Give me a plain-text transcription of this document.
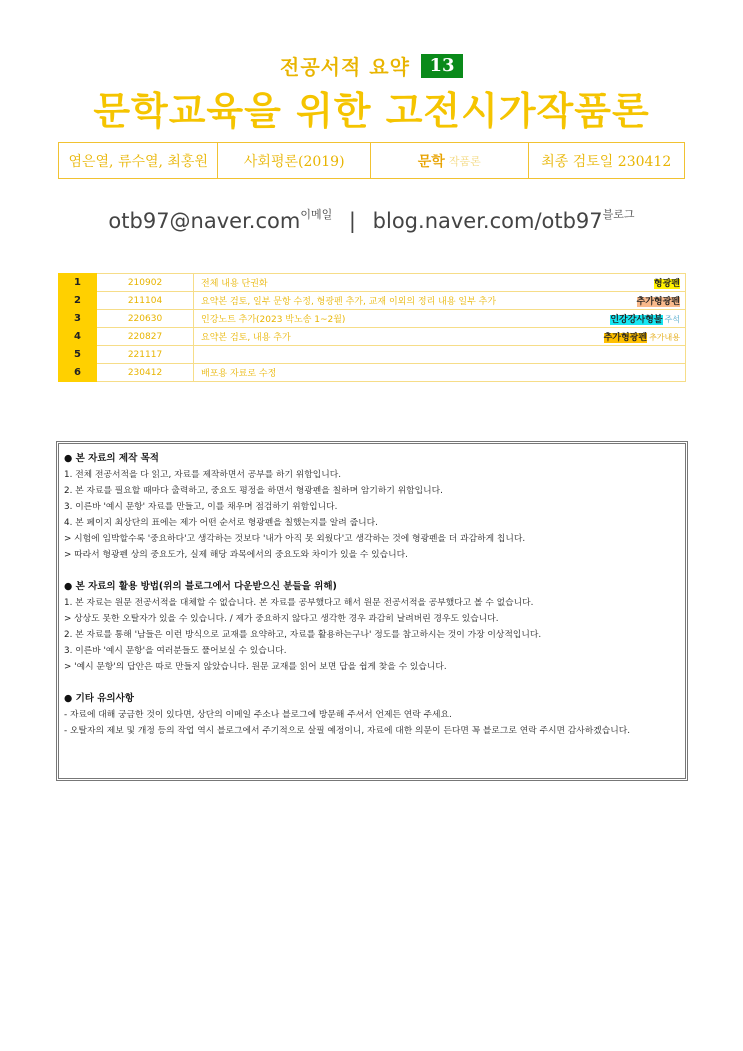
전공서적 요약 13
문학교육을 위한 고전시가작품론
염은열, 류수열, 최홍원	사회평론(2019)	문학 작품론	최종 검토일 230412
otb97@naver.com$^{이메일}$ | $blog.naver.com/otb97^{블로그}$
1	210902	전체 내용 단권화 형광펜

2	211104	요약본 검토, 일부 문항 수정, 형광펜 추가, 교재 이외의 정리 내용 일부 추가 추가형광펜

3	220630	인강노트 추가(2023 박노송 1~2월) 인강강사형불 주석

4	220827	요약본 검토, 내용 추가 추가형광펜 추가내용

5	221117	
6	230412	배포용 자료로 수정
● 본 자료의 제작 목적
1. 전체 전공서적을 다 읽고, 자료를 제작하면서 공부를 하기 위함입니다.
2. 본 자료를 필요할 때마다 출력하고, 중요도 평정을 하면서 형광펜을 칠하며 암기하기 위함입니다.
3. 이른바 '예시 문항' 자료를 만들고, 이를 채우며 점검하기 위함입니다.
4. 본 페이지 최상단의 표에는 제가 어떤 순서로 형광펜을 칠했는지를 알려 줍니다.
> 시험에 임박할수록 '중요하다'고 생각하는 것보다 '내가 아직 못 외웠다'고 생각하는 것에 형광펜을 더 과감하게 칩니다.
> 따라서 형광펜 상의 중요도가, 실제 해당 과목에서의 중요도와 차이가 있을 수 있습니다.
● 본 자료의 활용 방법(위의 블로그에서 다운받으신 분들을 위해)
1. 본 자료는 원문 전공서적을 대체할 수 없습니다. 본 자료를 공부했다고 해서 원문 전공서적을 공부했다고 볼 수 없습니다.
> 상상도 못한 오탈자가 있을 수 있습니다. / 제가 중요하지 않다고 생각한 경우 과감히 날려버린 경우도 있습니다.
2. 본 자료를 통해 '남들은 이런 방식으로 교재를 요약하고, 자료를 활용하는구나' 정도를 참고하시는 것이 가장 이상적입니다.
3. 이른바 '예시 문항'을 여러분들도 풀어보실 수 있습니다.
> '예시 문항'의 답안은 따로 만들지 않았습니다. 원문 교재를 읽어 보면 답을 쉽게 찾을 수 있습니다.
● 기타 유의사항
- 자료에 대해 궁금한 것이 있다면, 상단의 이메일 주소나 블로그에 방문해 주셔서 언제든 연락 주세요.
- 오탈자의 제보 및 개정 등의 작업 역시 블로그에서 주기적으로 살필 예정이니, 자료에 대한 의문이 든다면 꼭 블로그로 연락 주시면 감사하겠습니다.
